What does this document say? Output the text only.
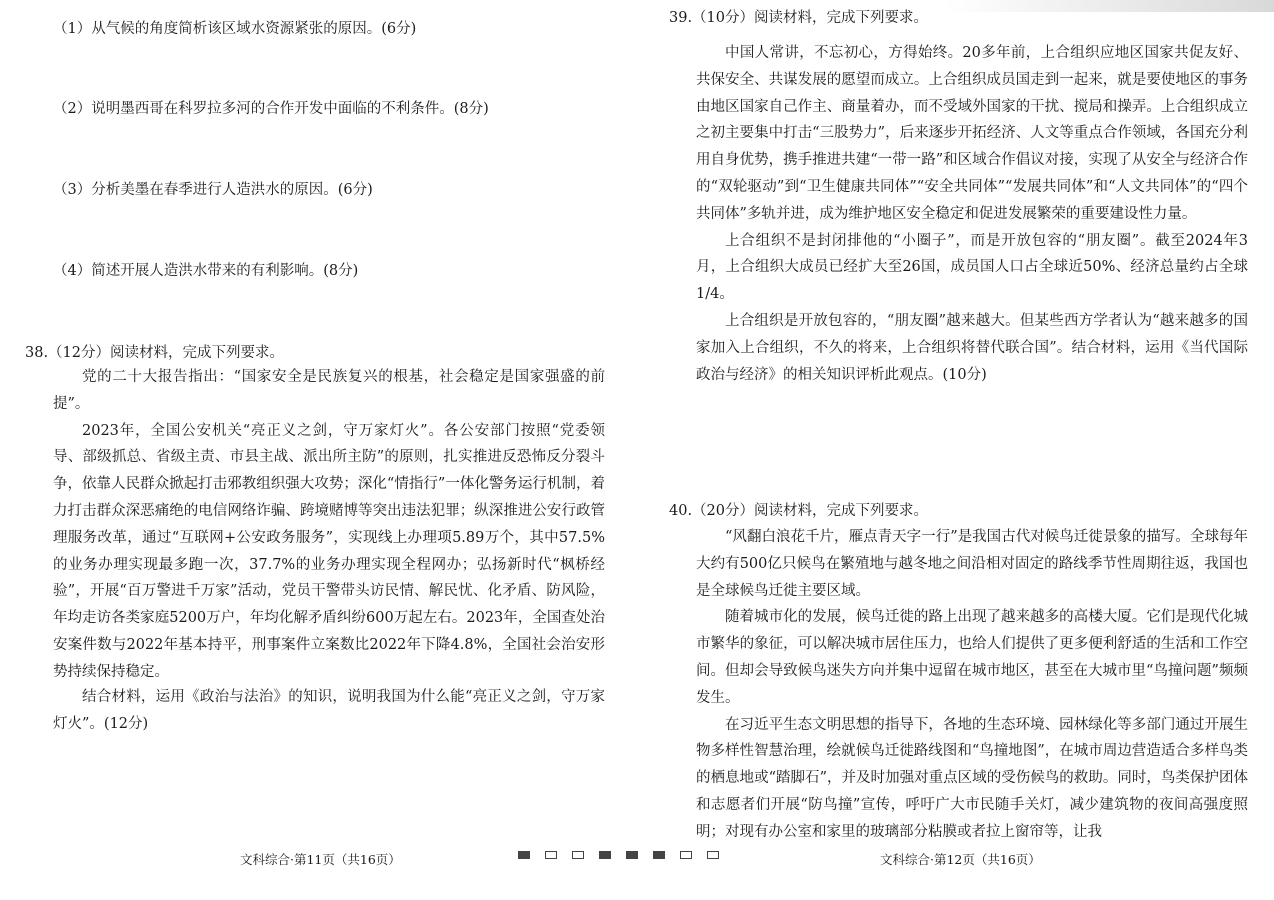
（1）从气候的角度简析该区域水资源紧张的原因。(6分)
（2）说明墨西哥在科罗拉多河的合作开发中面临的不利条件。(8分)
（3）分析美墨在春季进行人造洪水的原因。(6分)
（4）简述开展人造洪水带来的有利影响。(8分)
38.（12分）阅读材料，完成下列要求。

党的二十大报告指出：“国家安全是民族复兴的根基，社会稳定是国家强盛的前提”。

2023年，全国公安机关“亮正义之剑，守万家灯火”。各公安部门按照“党委领导、部级抓总、省级主责、市县主战、派出所主防”的原则，扎实推进反恐怖反分裂斗争，依靠人民群众掀起打击邪教组织强大攻势；深化“情指行”一体化警务运行机制，着力打击群众深恶痛绝的电信网络诈骗、跨境赌博等突出违法犯罪；纵深推进公安行政管理服务改革，通过“互联网+公安政务服务”，实现线上办理项5.89万个，其中57.5%的业务办理实现最多跑一次，37.7%的业务办理实现全程网办；弘扬新时代“枫桥经验”，开展“百万警进千万家”活动，党员干警带头访民情、解民忧、化矛盾、防风险，年均走访各类家庭5200万户，年均化解矛盾纠纷600万起左右。2023年，全国查处治安案件数与2022年基本持平，刑事案件立案数比2022年下降4.8%，全国社会治安形势持续保持稳定。

结合材料，运用《政治与法治》的知识，说明我国为什么能“亮正义之剑，守万家灯火”。(12分)
文科综合·第11页（共16页）
39.（10分）阅读材料，完成下列要求。

中国人常讲，不忘初心，方得始终。20多年前，上合组织应地区国家共促友好、共保安全、共谋发展的愿望而成立。上合组织成员国走到一起来，就是要使地区的事务由地区国家自己作主、商量着办，而不受域外国家的干扰、搅局和操弄。上合组织成立之初主要集中打击“三股势力”，后来逐步开拓经济、人文等重点合作领域，各国充分利用自身优势，携手推进共建“一带一路”和区域合作倡议对接，实现了从安全与经济合作的“双轮驱动”到“卫生健康共同体”“安全共同体”“发展共同体”和“人文共同体”的“四个共同体”多轨并进，成为维护地区安全稳定和促进发展繁荣的重要建设性力量。

上合组织不是封闭排他的“小圈子”，而是开放包容的“朋友圈”。截至2024年3月，上合组织大成员已经扩大至26国，成员国人口占全球近50%、经济总量约占全球1/4。

上合组织是开放包容的，“朋友圈”越来越大。但某些西方学者认为“越来越多的国家加入上合组织，不久的将来，上合组织将替代联合国”。结合材料，运用《当代国际政治与经济》的相关知识评析此观点。(10分)

40.（20分）阅读材料，完成下列要求。

“风翻白浪花千片，雁点青天字一行”是我国古代对候鸟迁徙景象的描写。全球每年大约有500亿只候鸟在繁殖地与越冬地之间沿相对固定的路线季节性周期往返，我国也是全球候鸟迁徙主要区域。

随着城市化的发展，候鸟迁徙的路上出现了越来越多的高楼大厦。它们是现代化城市繁华的象征，可以解决城市居住压力，也给人们提供了更多便利舒适的生活和工作空间。但却会导致候鸟迷失方向并集中逗留在城市地区，甚至在大城市里“鸟撞问题”频频发生。

在习近平生态文明思想的指导下，各地的生态环境、园林绿化等多部门通过开展生物多样性智慧治理，绘就候鸟迁徙路线图和“鸟撞地图”，在城市周边营造适合多样鸟类的栖息地或“踏脚石”，并及时加强对重点区域的受伤候鸟的救助。同时，鸟类保护团体和志愿者们开展“防鸟撞”宣传，呼吁广大市民随手关灯，减少建筑物的夜间高强度照明；对现有办公室和家里的玻璃部分粘膜或者拉上窗帘等，让我

文科综合·第12页（共16页）
